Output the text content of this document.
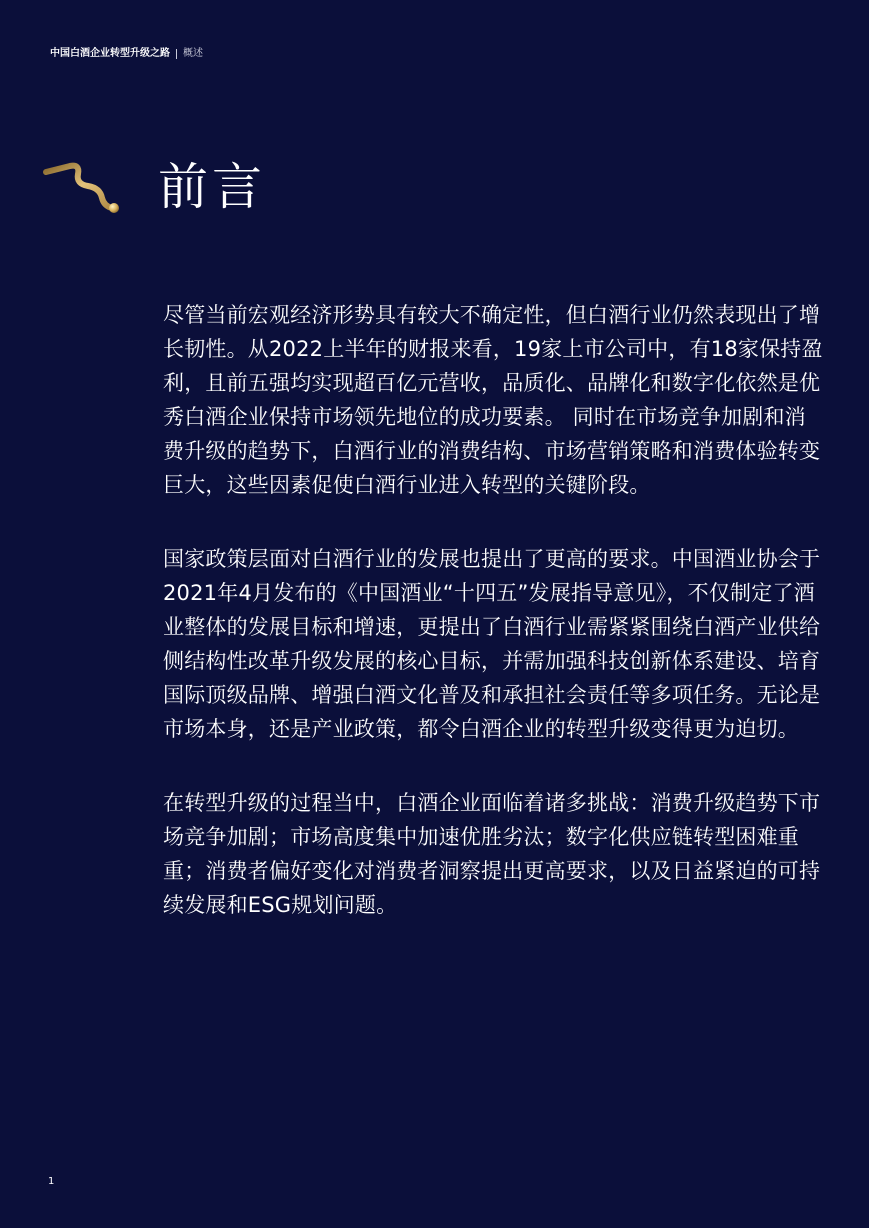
中国白酒企业转型升级之路 概述
前言

尽管当前宏观经济形势具有较大不确定性，但白酒行业仍然表现出了增长韧性。从2022上半年的财报来看，19家上市公司中，有18家保持盈利，且前五强均实现超百亿元营收，品质化、品牌化和数字化依然是优秀白酒企业保持市场领先地位的成功要素。 同时在市场竞争加剧和消费升级的趋势下，白酒行业的消费结构、市场营销策略和消费体验转变巨大，这些因素促使白酒行业进入转型的关键阶段。

国家政策层面对白酒行业的发展也提出了更高的要求。中国酒业协会于2021年4月发布的《中国酒业“十四五”发展指导意见》，不仅制定了酒业整体的发展目标和增速，更提出了白酒行业需紧紧围绕白酒产业供给侧结构性改革升级发展的核心目标，并需加强科技创新体系建设、培育国际顶级品牌、增强白酒文化普及和承担社会责任等多项任务。无论是市场本身，还是产业政策，都令白酒企业的转型升级变得更为迫切。

在转型升级的过程当中，白酒企业面临着诸多挑战：消费升级趋势下市场竞争加剧；市场高度集中加速优胜劣汰；数字化供应链转型困难重重；消费者偏好变化对消费者洞察提出更高要求，以及日益紧迫的可持续发展和ESG规划问题。

1
